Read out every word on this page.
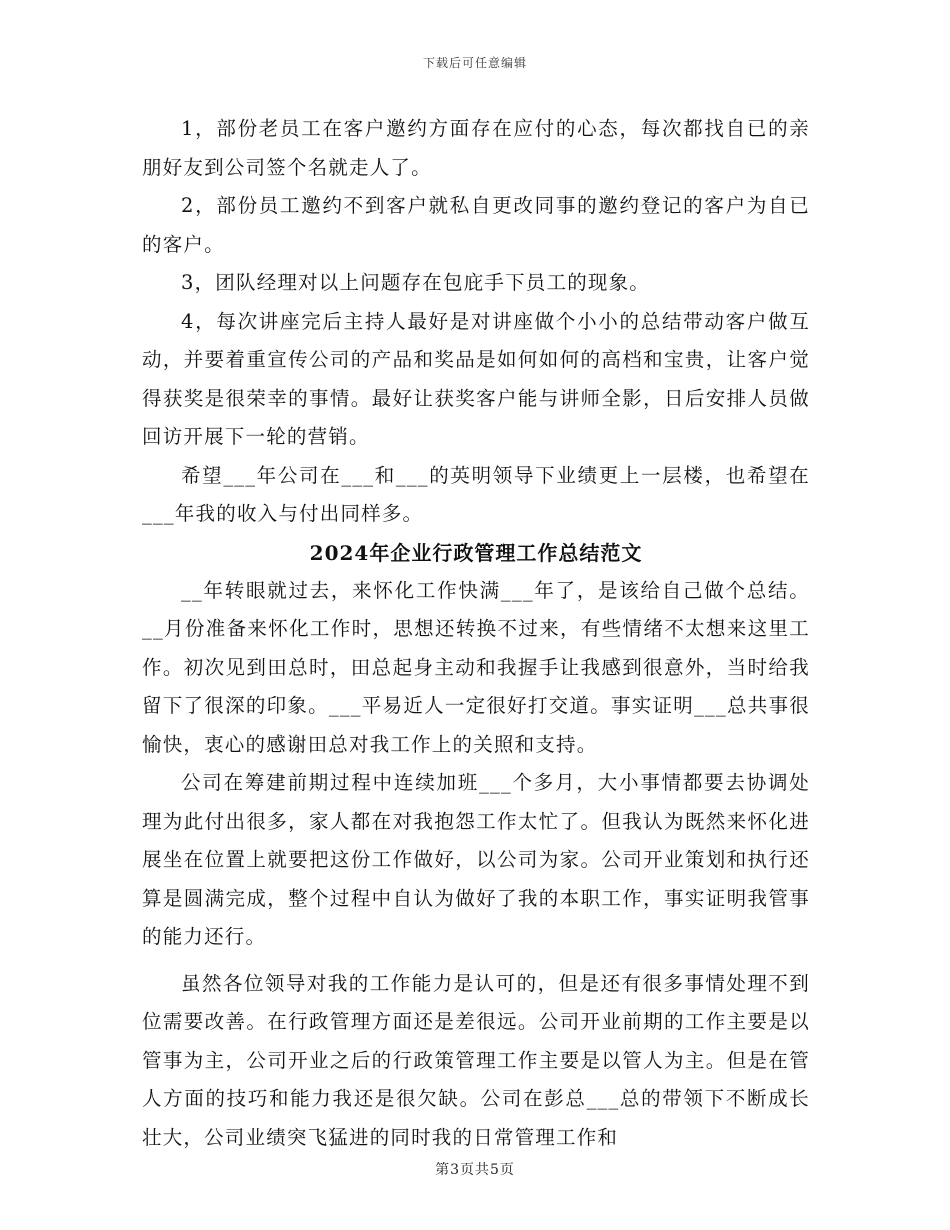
下载后可任意编辑

1，部份老员工在客户邀约方面存在应付的心态，每次都找自已的亲朋好友到公司签个名就走人了。

2，部份员工邀约不到客户就私自更改同事的邀约登记的客户为自已的客户。

3，团队经理对以上问题存在包庇手下员工的现象。

4，每次讲座完后主持人最好是对讲座做个小小的总结带动客户做互动，并要着重宣传公司的产品和奖品是如何如何的高档和宝贵，让客户觉得获奖是很荣幸的事情。最好让获奖客户能与讲师全影，日后安排人员做回访开展下一轮的营销。

希望___年公司在___和___的英明领导下业绩更上一层楼，也希望在___年我的收入与付出同样多。

2024年企业行政管理工作总结范文

__年转眼就过去，来怀化工作快满___年了，是该给自己做个总结。__月份准备来怀化工作时，思想还转换不过来，有些情绪不太想来这里工作。初次见到田总时，田总起身主动和我握手让我感到很意外，当时给我留下了很深的印象。___平易近人一定很好打交道。事实证明___总共事很愉快，衷心的感谢田总对我工作上的关照和支持。

公司在筹建前期过程中连续加班___个多月，大小事情都要去协调处理为此付出很多，家人都在对我抱怨工作太忙了。但我认为既然来怀化进展坐在位置上就要把这份工作做好，以公司为家。公司开业策划和执行还算是圆满完成，整个过程中自认为做好了我的本职工作，事实证明我管事的能力还行。

虽然各位领导对我的工作能力是认可的，但是还有很多事情处理不到位需要改善。在行政管理方面还是差很远。公司开业前期的工作主要是以管事为主，公司开业之后的行政策管理工作主要是以管人为主。但是在管人方面的技巧和能力我还是很欠缺。公司在彭总___总的带领下不断成长壮大，公司业绩突飞猛进的同时我的日常管理工作和

第3页共5页
